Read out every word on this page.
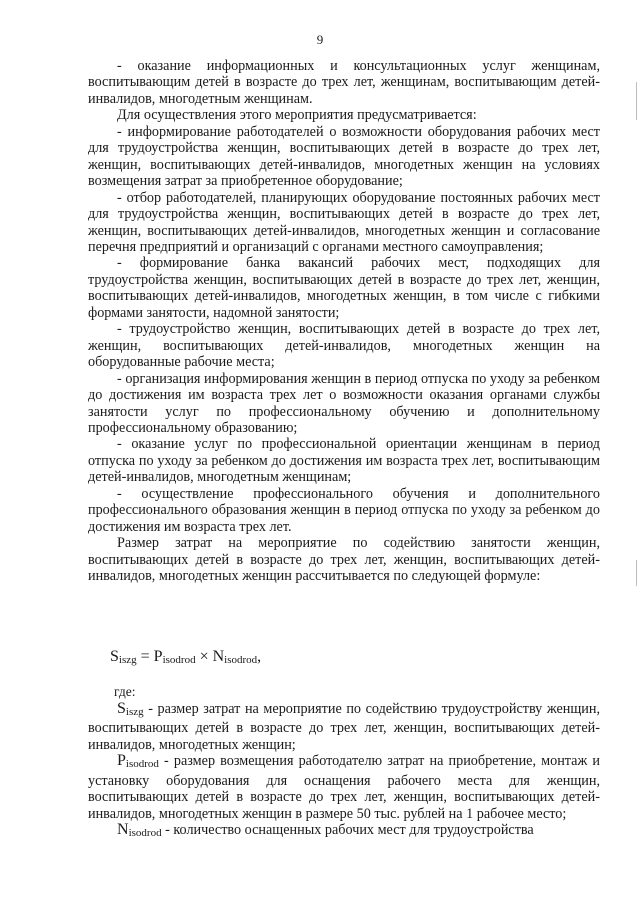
9

- оказание информационных и консультационных услуг женщинам, воспитывающим детей в возрасте до трех лет, женщинам, воспитывающим детей-инвалидов, многодетным женщинам.

Для осуществления этого мероприятия предусматривается:

- информирование работодателей о возможности оборудования рабочих мест для трудоустройства женщин, воспитывающих детей в возрасте до трех лет, женщин, воспитывающих детей-инвалидов, многодетных женщин на условиях возмещения затрат за приобретенное оборудование;

- отбор работодателей, планирующих оборудование постоянных рабочих мест для трудоустройства женщин, воспитывающих детей в возрасте до трех лет, женщин, воспитывающих детей-инвалидов, многодетных женщин и согласование перечня предприятий и организаций с органами местного самоуправления;

- формирование банка вакансий рабочих мест, подходящих для трудоустройства женщин, воспитывающих детей в возрасте до трех лет, женщин, воспитывающих детей-инвалидов, многодетных женщин, в том числе с гибкими формами занятости, надомной занятости;

- трудоустройство женщин, воспитывающих детей в возрасте до трех лет, женщин, воспитывающих детей-инвалидов, многодетных женщин на оборудованные рабочие места;

- организация информирования женщин в период отпуска по уходу за ребенком до достижения им возраста трех лет о возможности оказания органами службы занятости услуг по профессиональному обучению и дополнительному профессиональному образованию;

- оказание услуг по профессиональной ориентации женщинам в период отпуска по уходу за ребенком до достижения им возраста трех лет, воспитывающим детей-инвалидов, многодетным женщинам;

- осуществление профессионального обучения и дополнительного профессионального образования женщин в период отпуска по уходу за ребенком до достижения им возраста трех лет.

Размер затрат на мероприятие по содействию занятости женщин, воспитывающих детей в возрасте до трех лет, женщин, воспитывающих детей-инвалидов, многодетных женщин рассчитывается по следующей формуле:

$S_{iszg} = P_{isodrod} \times N_{isodrod}$,
где:

$S_{iszg}$ - размер затрат на мероприятие по содействию трудоустройству женщин, воспитывающих детей в возрасте до трех лет, женщин, воспитывающих детей-инвалидов, многодетных женщин;

$P_{isodrod}$ - размер возмещения работодателю затрат на приобретение, монтаж и установку оборудования для оснащения рабочего места для женщин, воспитывающих детей в возрасте до трех лет, женщин, воспитывающих детей-инвалидов, многодетных женщин в размере 50 тыс. рублей на 1 рабочее место;

$N_{isodrod}$ - количество оснащенных рабочих мест для трудоустройства
